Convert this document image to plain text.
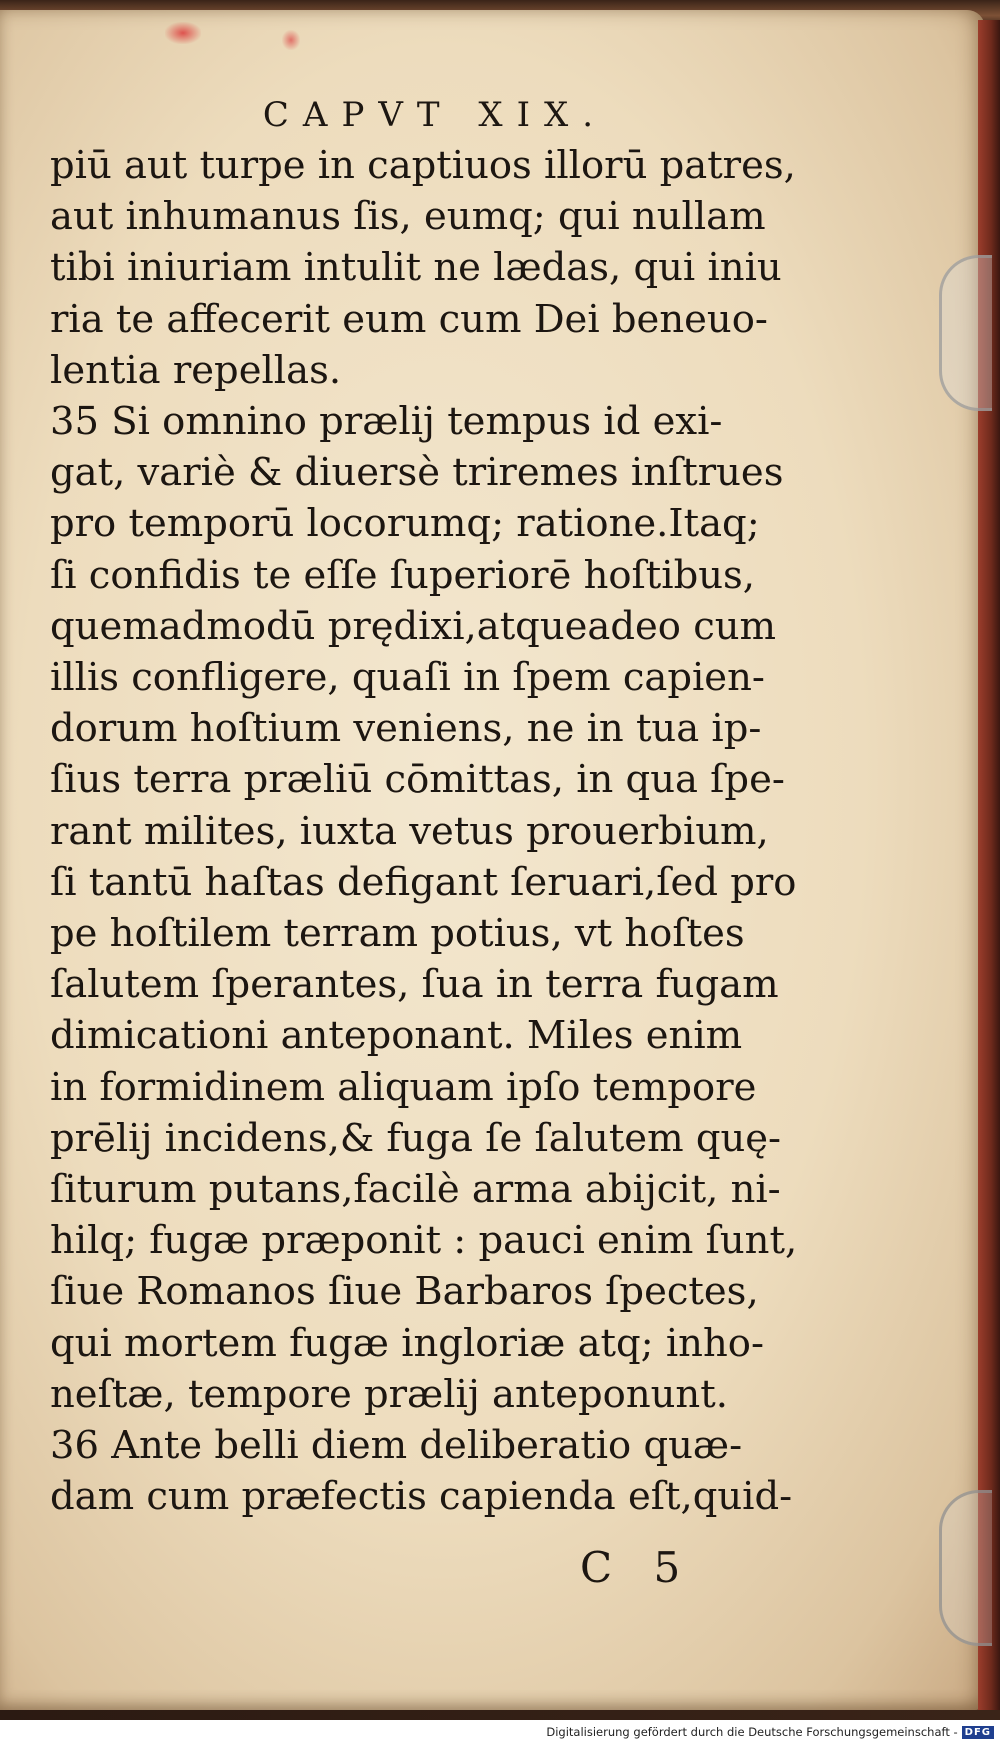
CAPVT XIX.
piū aut turpe in captiuos illorū patres,
aut inhumanus ſis, eumq; qui nullam
tibi iniuriam intulit ne lædas, qui iniu
ria te affecerit eum cum Dei beneuo-
lentia repellas.
35 Si omnino prælij tempus id exi-
gat, variè & diuersè triremes inſtrues
pro temporū locorumq; ratione.Itaq;
ſi confidis te eſſe ſuperiorē hoſtibus,
quemadmodū prędixi,atqueadeo cum
illis confligere, quaſi in ſpem capien-
dorum hoſtium veniens, ne in tua ip-
ſius terra præliū cōmittas, in qua ſpe-
rant milites, iuxta vetus prouerbium,
ſi tantū haſtas defigant ſeruari,ſed pro
pe hoſtilem terram potius, vt hoſtes
ſalutem ſperantes, ſua in terra fugam
dimicationi anteponant. Miles enim
in formidinem aliquam ipſo tempore
prēlij incidens,& fuga ſe ſalutem quę-
ſiturum putans,facilè arma abijcit, ni-
hilq; fugæ præponit : pauci enim ſunt,
ſiue Romanos ſiue Barbaros ſpectes,
qui mortem fugæ ingloriæ atq; inho-
neſtæ, tempore prælij anteponunt.
36 Ante belli diem deliberatio quæ-
dam cum præfectis capienda eſt,quid-
C 5
Digitalisierung gefördert durch die Deutsche Forschungsgemeinschaft - DFG
